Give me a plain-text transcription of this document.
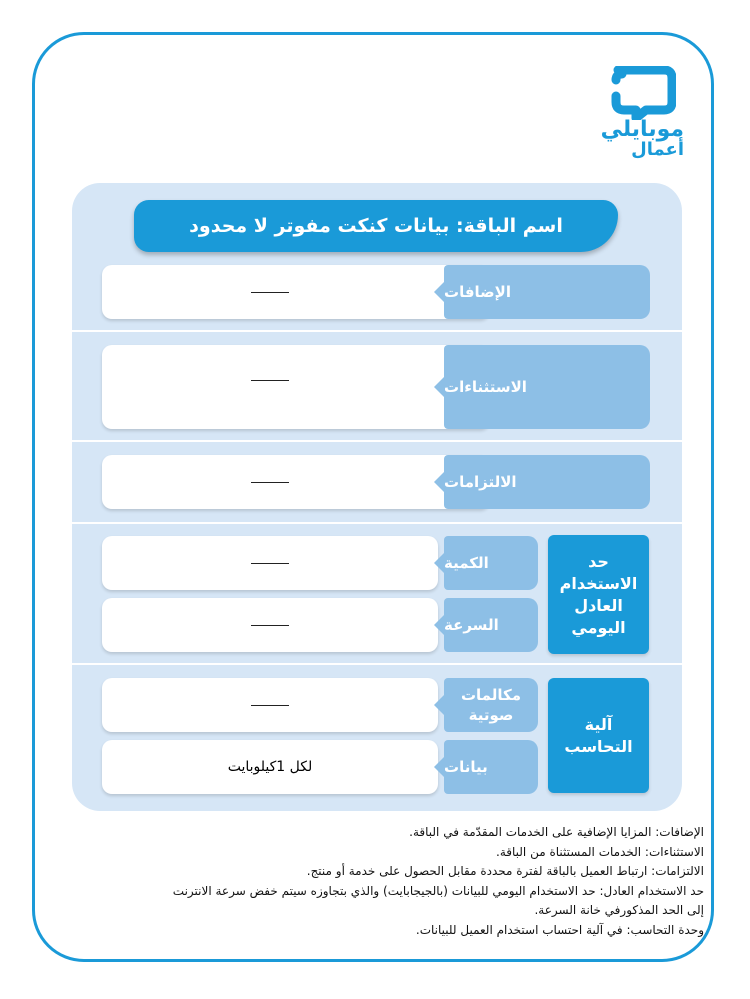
موبايلي
أعمال
اسم الباقة: بيانات كنكت مفوتر لا محدود
الإضافات
الاستثناءات
الالتزامات
حد الاستخدام العادل اليومي
الكمية
السرعة
آلية التحاسب
مكالمات صوتية
بيانات
لكل 1كيلوبايت

الإضافات: المزايا الإضافية على الخدمات المقدّمة في الباقة.

الاستثناءات: الخدمات المستثناة من الباقة.

الالتزامات: ارتباط العميل بالباقة لفترة محددة مقابل الحصول على خدمة أو منتج.

حد الاستخدام العادل: حد الاستخدام اليومي للبيانات (بالجيجابايت) والذي بتجاوزه سيتم خفض سرعة الانترنت

إلى الحد المذكورفي خانة السرعة.

وحدة التحاسب: في آلية احتساب استخدام العميل للبيانات.
